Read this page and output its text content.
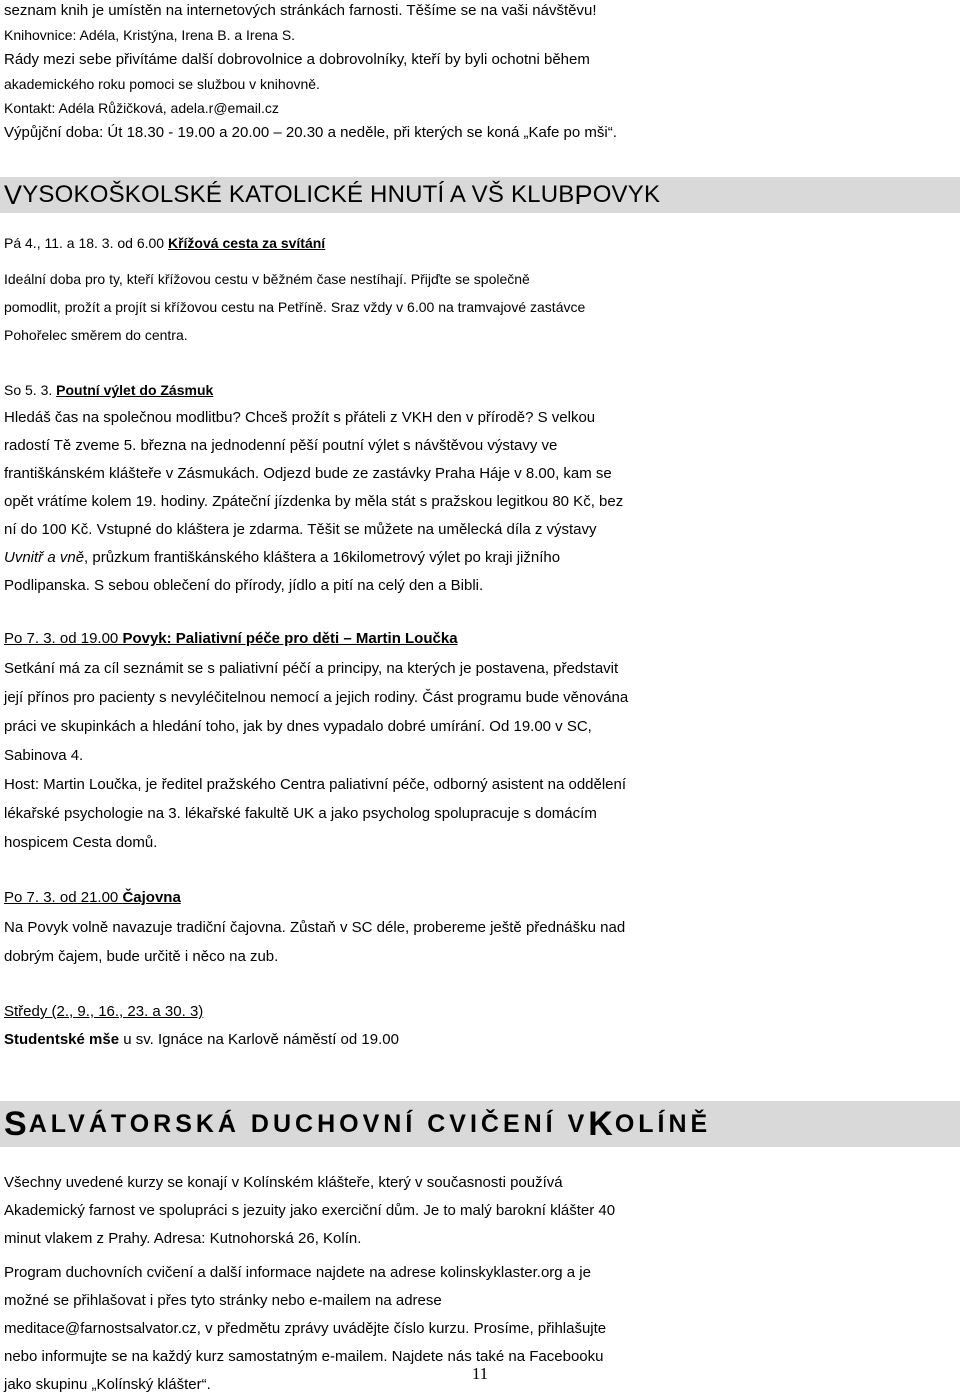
seznam knih je umístěn na internetových stránkách farnosti. Těšíme se na vaši návštěvu!
Knihovnice: Adéla, Kristýna, Irena B. a Irena S.
Rády mezi sebe přivítáme další dobrovolnice a dobrovolníky, kteří by byli ochotni během
akademického roku pomoci se službou v knihovně.
Kontakt: Adéla Růžičková, adela.r@email.cz
Výpůjční doba: Út 18.30 - 19.00 a 20.00 – 20.30 a neděle, při kterých se koná „Kafe po mši“.
V YSOKOŠKOLSKÉ KATOLICKÉ HNUTÍ A VŠ KLUB P OVYK
Pá 4., 11. a 18. 3. od 6.00 Křížová cesta za svítání
Ideální doba pro ty, kteří křížovou cestu v běžném čase nestíhají. Přijďte se společně
pomodlit, prožít a projít si křížovou cestu na Petříně. Sraz vždy v 6.00 na tramvajové zastávce
Pohořelec směrem do centra.
So 5. 3. Poutní výlet do Zásmuk
Hledáš čas na společnou modlitbu? Chceš prožít s přáteli z VKH den v přírodě? S velkou
radostí Tě zveme 5. března na jednodenní pěší poutní výlet s návštěvou výstavy ve
františkánském klášteře v Zásmukách. Odjezd bude ze zastávky Praha Háje v 8.00, kam se
opět vrátíme kolem 19. hodiny. Zpáteční jízdenka by měla stát s pražskou legitkou 80 Kč, bez
ní do 100 Kč. Vstupné do kláštera je zdarma. Těšit se můžete na umělecká díla z výstavy
Uvnitř a vně, průzkum františkánského kláštera a 16kilometrový výlet po kraji jižního
Podlipanska. S sebou oblečení do přírody, jídlo a pití na celý den a Bibli.
Po 7. 3. od 19.00 Povyk: Paliativní péče pro děti – Martin Loučka
Setkání má za cíl seznámit se s paliativní péčí a principy, na kterých je postavena, představit
její přínos pro pacienty s nevyléčitelnou nemocí a jejich rodiny. Část programu bude věnována
práci ve skupinkách a hledání toho, jak by dnes vypadalo dobré umírání. Od 19.00 v SC,
Sabinova 4.
Host: Martin Loučka, je ředitel pražského Centra paliativní péče, odborný asistent na oddělení
lékařské psychologie na 3. lékařské fakultě UK a jako psycholog spolupracuje s domácím
hospicem Cesta domů.
Po 7. 3. od 21.00 Čajovna
Na Povyk volně navazuje tradiční čajovna. Zůstaň v SC déle, probereme ještě přednášku nad
dobrým čajem, bude určitě i něco na zub.
Středy (2., 9., 16., 23. a 30. 3)
Studentské mše u sv. Ignáce na Karlově náměstí od 19.00
S ALVÁTORSKÁ DUCHOVNÍ CVIČENÍ V K OLÍNĚ
Všechny uvedené kurzy se konají v Kolínském klášteře, který v současnosti používá
Akademický farnost ve spolupráci s jezuity jako exerciční dům. Je to malý barokní klášter 40
minut vlakem z Prahy. Adresa: Kutnohorská 26, Kolín.
Program duchovních cvičení a další informace najdete na adrese kolinskyklaster.org a je
možné se přihlašovat i přes tyto stránky nebo e-mailem na adrese
meditace@farnostsalvator.cz, v předmětu zprávy uvádějte číslo kurzu. Prosíme, přihlašujte
nebo informujte se na každý kurz samostatným e-mailem. Najdete nás také na Facebooku
jako skupinu „Kolínský klášter“.
11
